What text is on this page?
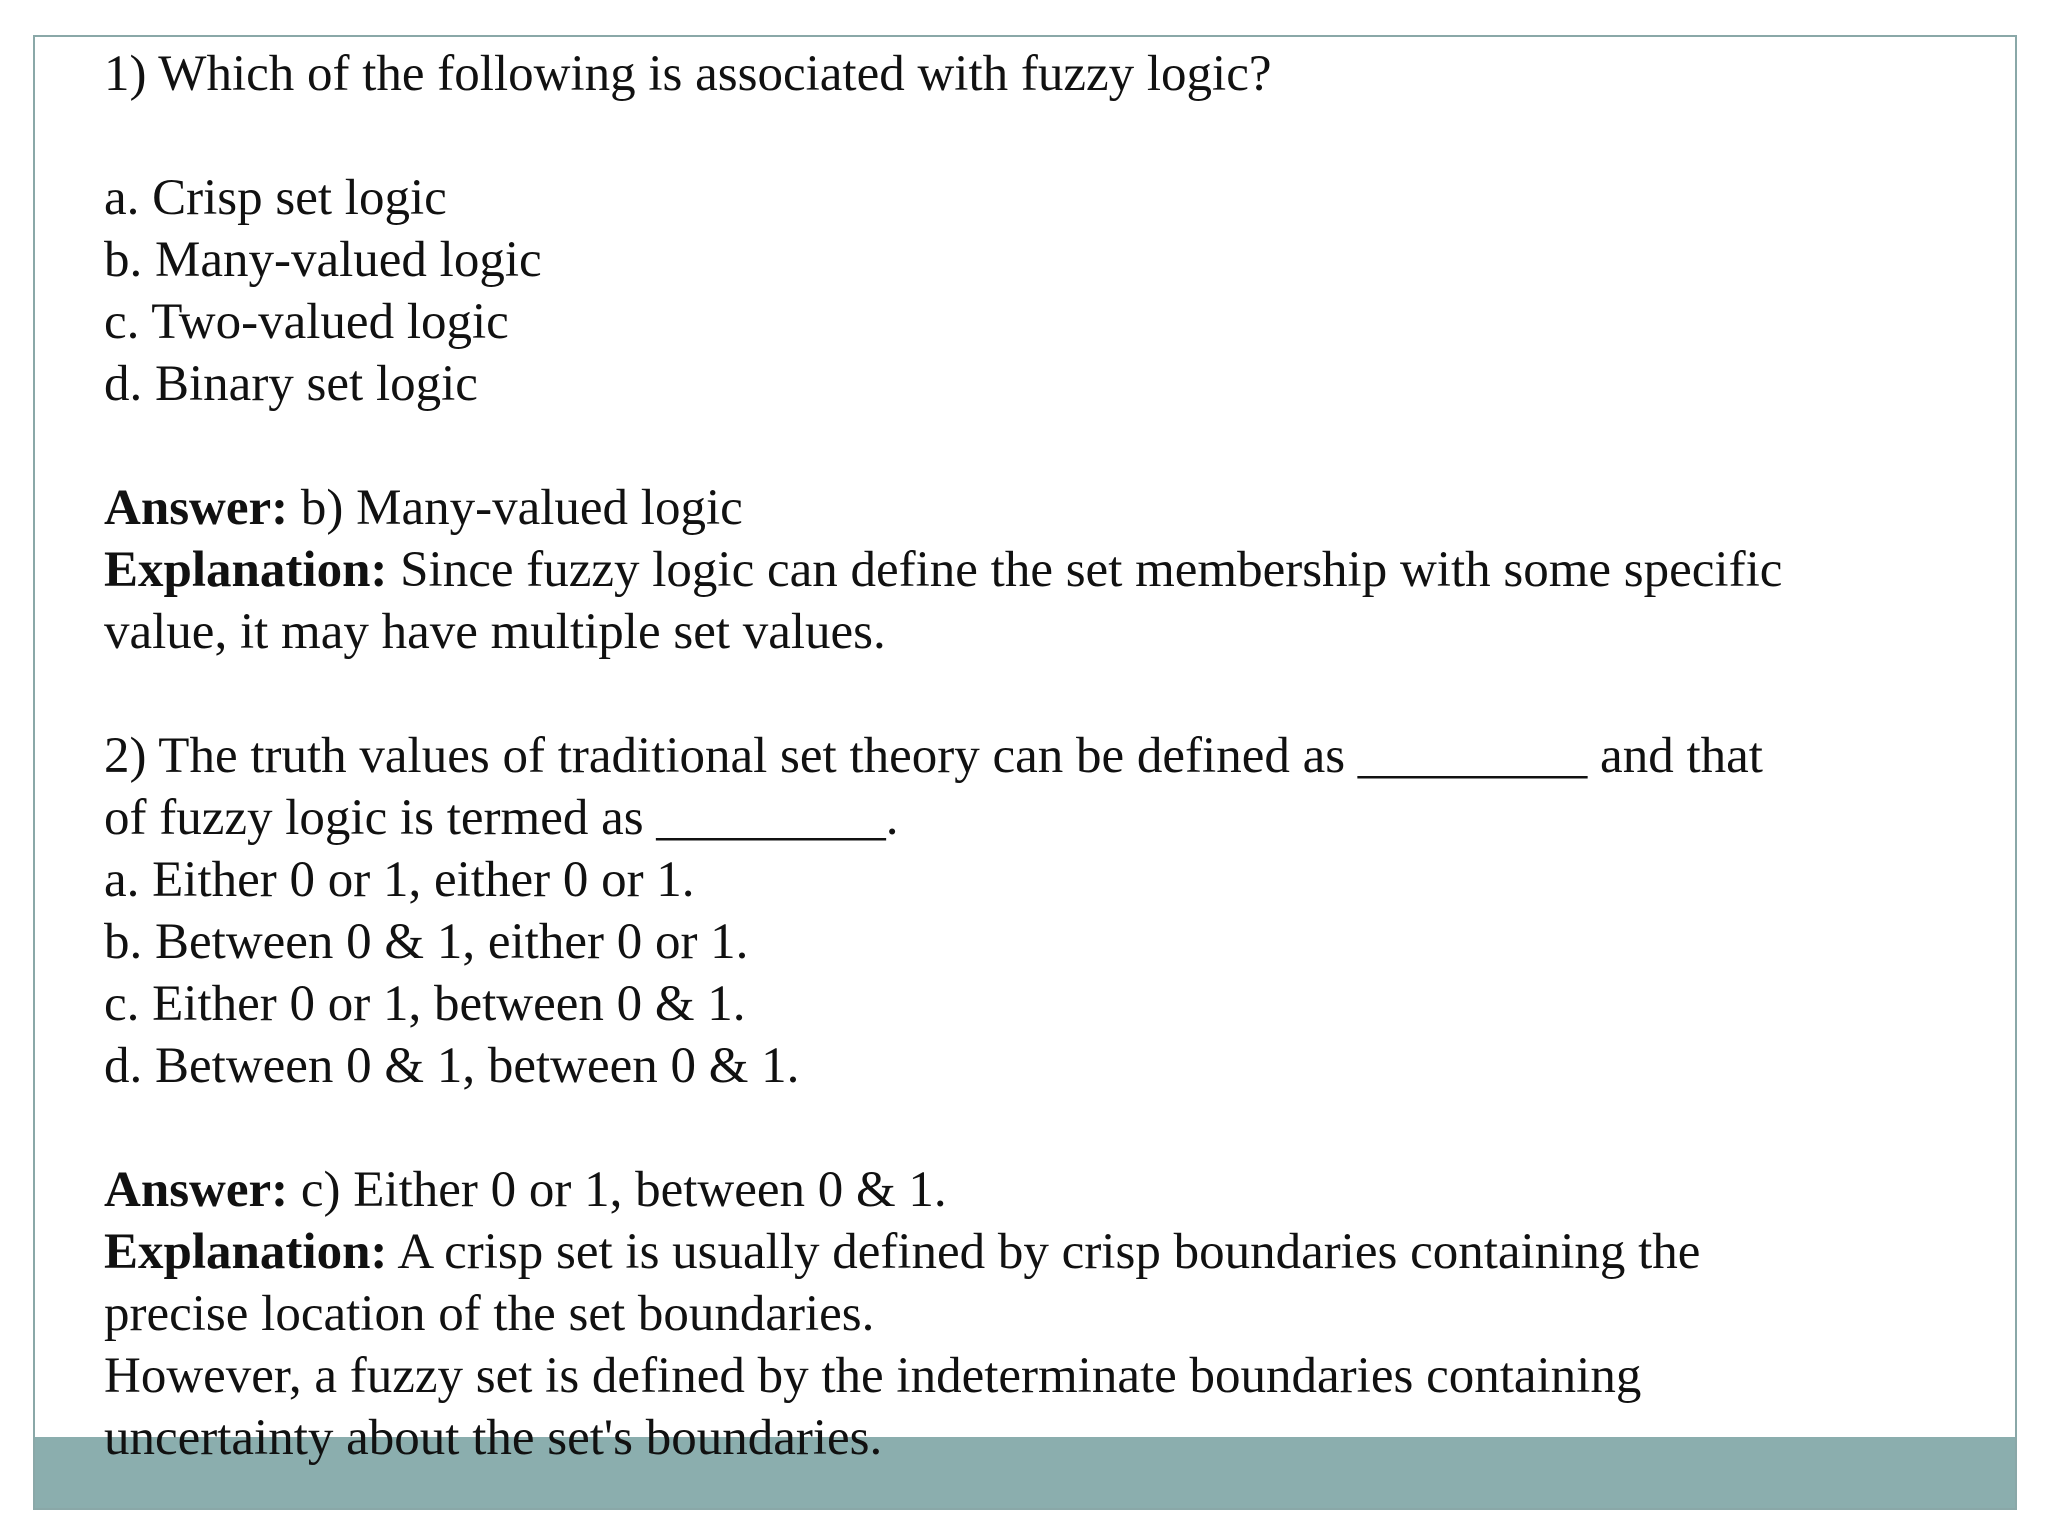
1) Which of the following is associated with fuzzy logic?
a. Crisp set logic
b. Many-valued logic
c. Two-valued logic
d. Binary set logic
Answer: b) Many-valued logic
Explanation: Since fuzzy logic can define the set membership with some specific
value, it may have multiple set values.
2) The truth values of traditional set theory can be defined as _________ and that
of fuzzy logic is termed as _________.
a. Either 0 or 1, either 0 or 1.
b. Between 0 & 1, either 0 or 1.
c. Either 0 or 1, between 0 & 1.
d. Between 0 & 1, between 0 & 1.
Answer: c) Either 0 or 1, between 0 & 1.
Explanation: A crisp set is usually defined by crisp boundaries containing the
precise location of the set boundaries.
However, a fuzzy set is defined by the indeterminate boundaries containing
uncertainty about the set's boundaries.
